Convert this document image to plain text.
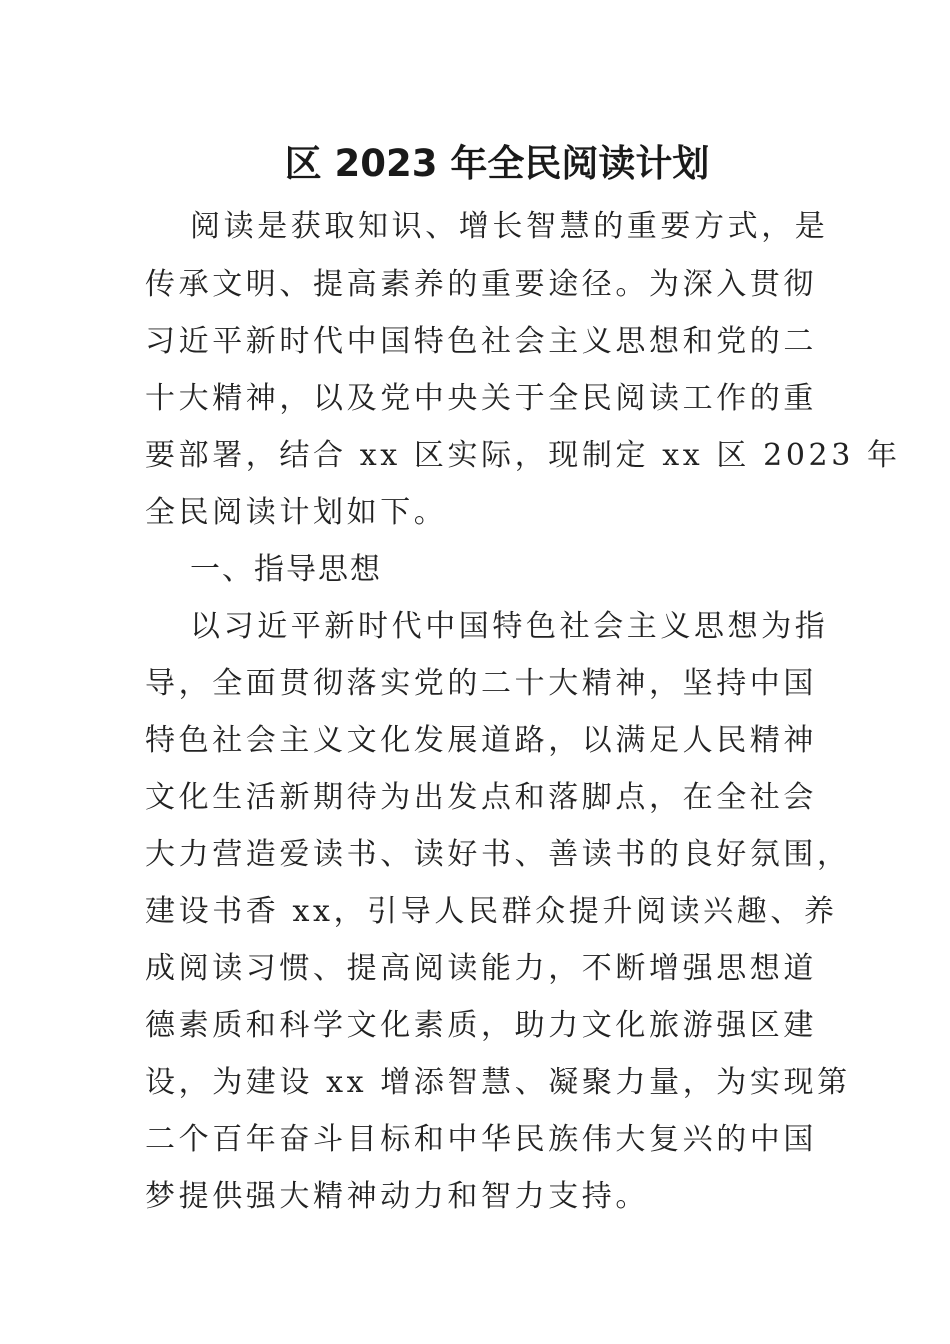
区 2023 年全民阅读计划
阅读是获取知识、增长智慧的重要方式，是
传承文明、提高素养的重要途径。为深入贯彻
习近平新时代中国特色社会主义思想和党的二
十大精神，以及党中央关于全民阅读工作的重
要部署，结合 xx 区实际，现制定 xx 区 2023 年
全民阅读计划如下。
一、指导思想
以习近平新时代中国特色社会主义思想为指
导，全面贯彻落实党的二十大精神，坚持中国
特色社会主义文化发展道路，以满足人民精神
文化生活新期待为出发点和落脚点，在全社会
大力营造爱读书、读好书、善读书的良好氛围，
建设书香 xx，引导人民群众提升阅读兴趣、养
成阅读习惯、提高阅读能力，不断增强思想道
德素质和科学文化素质，助力文化旅游强区建
设，为建设 xx 增添智慧、凝聚力量，为实现第
二个百年奋斗目标和中华民族伟大复兴的中国
梦提供强大精神动力和智力支持。
